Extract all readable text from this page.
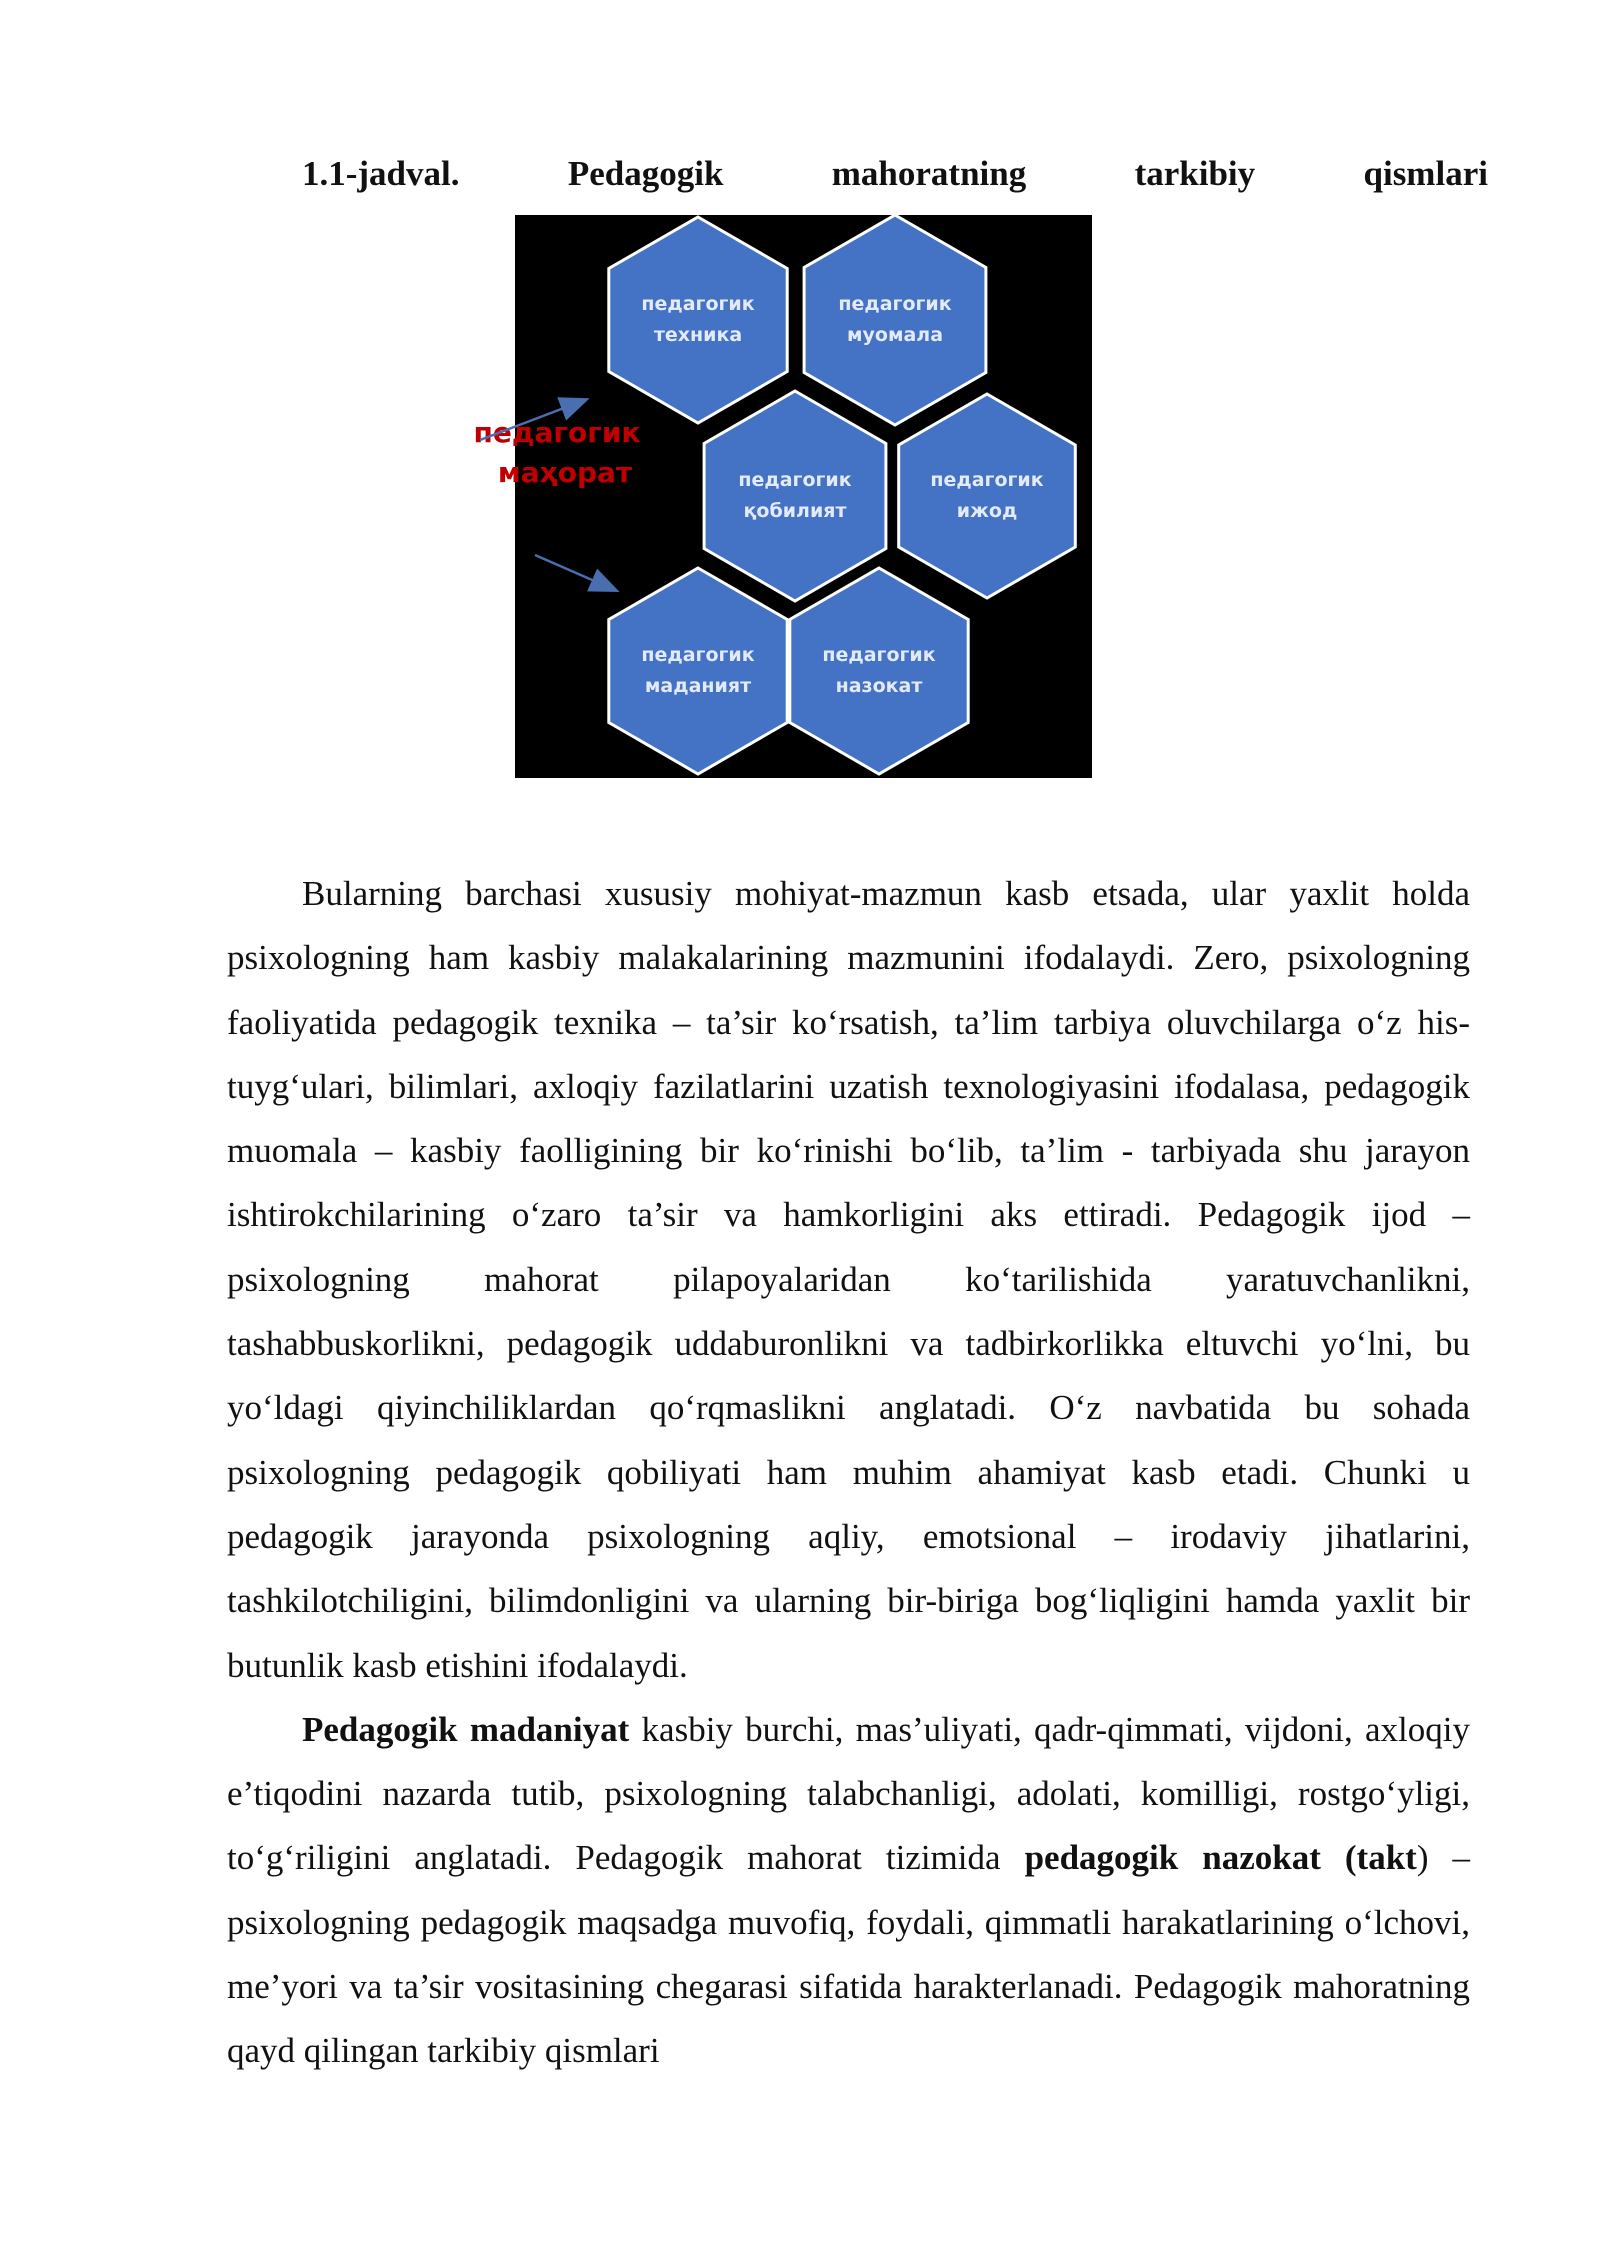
1.1-jadval.	Pedagogik	mahoratning	tarkibiy	qismlari
педагогик
техника
педагогик
муомала
педагогик
қобилият
педагогик
ижод
педагогик
маданият
педагогик
назокат
педагогик
маҳорат

Bularning barchasi xususiy mohiyat-mazmun kasb etsada, ular yaxlit holda psixologning ham kasbiy malakalarining mazmunini ifodalaydi. Zero, psixologning faoliyatida pedagogik texnika – ta’sir ko‘rsatish, ta’lim tarbiya oluvchilarga o‘z his-tuyg‘ulari, bilimlari, axloqiy fazilatlarini uzatish texnologiyasini ifodalasa, pedagogik muomala – kasbiy faolligining bir ko‘rinishi bo‘lib, ta’lim - tarbiyada shu jarayon ishtirokchilarining o‘zaro ta’sir va hamkorligini aks ettiradi. Pedagogik ijod – psixologning mahorat pilapoyalaridan ko‘tarilishida yaratuvchanlikni, tashabbuskorlikni, pedagogik uddaburonlikni va tadbirkorlikka eltuvchi yo‘lni, bu yo‘ldagi qiyinchiliklardan qo‘rqmaslikni anglatadi. O‘z navbatida bu sohada psixologning pedagogik qobiliyati ham muhim ahamiyat kasb etadi. Chunki u pedagogik jarayonda psixologning aqliy, emotsional – irodaviy jihatlarini, tashkilotchiligini, bilimdonligini va ularning bir-biriga bog‘liqligini hamda yaxlit bir butunlik kasb etishini ifodalaydi.

Pedagogik madaniyat kasbiy burchi, mas’uliyati, qadr-qimmati, vijdoni, axloqiy e’tiqodini nazarda tutib, psixologning talabchanligi, adolati, komilligi, rostgo‘yligi, to‘g‘riligini anglatadi. Pedagogik mahorat tizimida pedagogik nazokat (takt) – psixologning pedagogik maqsadga muvofiq, foydali, qimmatli harakatlarining o‘lchovi, me’yori va ta’sir vositasining chegarasi sifatida harakterlanadi. Pedagogik mahoratning qayd qilingan tarkibiy qismlari
